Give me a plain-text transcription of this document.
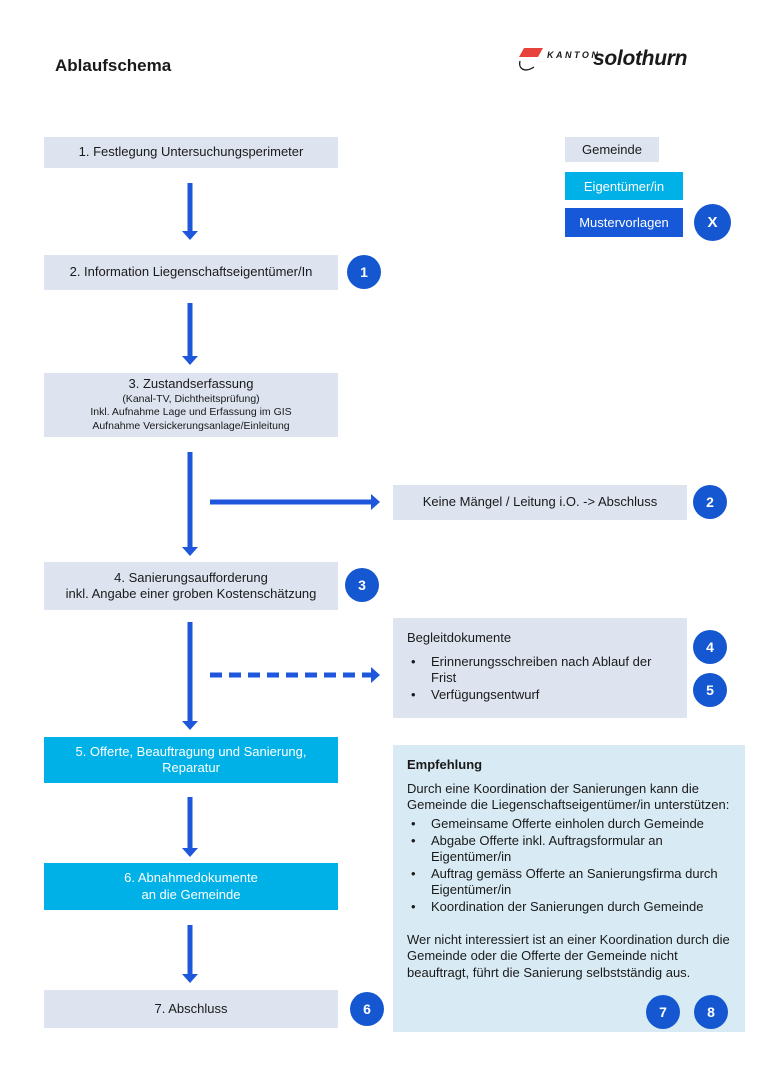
Ablaufschema
KANTON
solothurn
Gemeinde
Eigentümer/in
Mustervorlagen	X
1. Festlegung Untersuchungsperimeter
2. Information Liegenschaftseigentümer/In
3. Zustandserfassung
(Kanal-TV, Dichtheitsprüfung)
Inkl. Aufnahme Lage und Erfassung im GIS
Aufnahme Versickerungsanlage/Einleitung
4. Sanierungsaufforderung
inkl. Angabe einer groben Kostenschätzung
5. Offerte, Beauftragung und Sanierung,
Reparatur
6. Abnahmedokumente
an die Gemeinde
7. Abschluss
Keine Mängel / Leitung i.O. -> Abschluss

Begleitdokumente

•
Erinnerungsschreiben nach Ablauf der Frist
•
Verfügungsentwurf

Empfehlung

Durch eine Koordination der Sanierungen kann die Gemeinde die Liegenschaftseigentümer/in unterstützen:

•
Gemeinsame Offerte einholen durch Gemeinde
•
Abgabe Offerte inkl. Auftragsformular an Eigentümer/in
•
Auftrag gemäss Offerte an Sanierungsfirma durch Eigentümer/in
•
Koordination der Sanierungen durch Gemeinde

Wer nicht interessiert ist an einer Koordination durch die Gemeinde oder die Offerte der Gemeinde nicht beauftragt, führt die Sanierung selbstständig aus.

1
2
3
4
5
6	7	8
